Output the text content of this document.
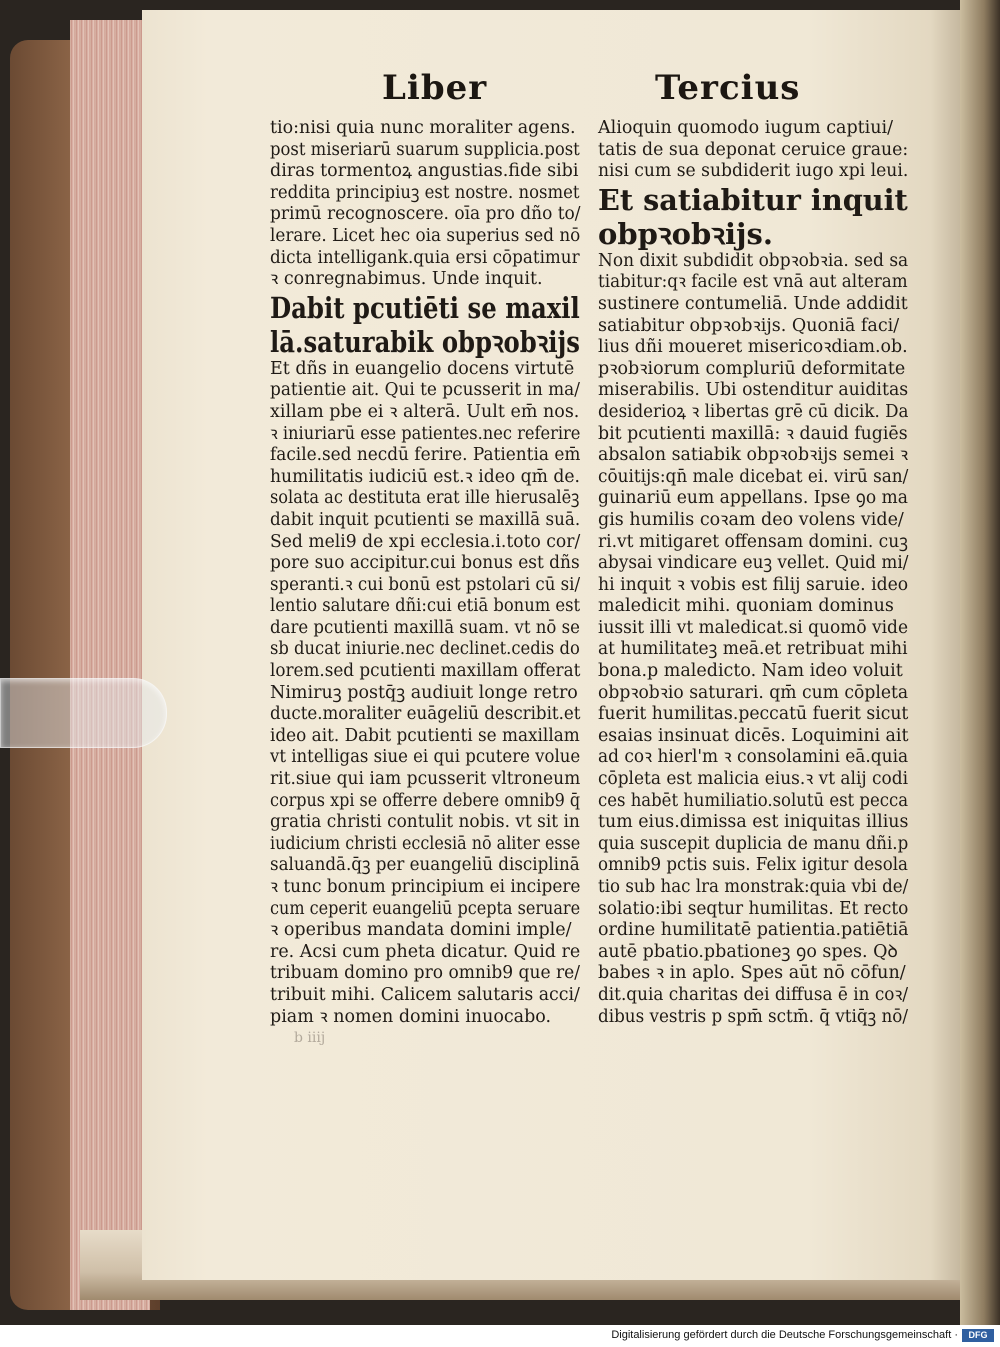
Liber	Tercius
tio:nisi quia nunc moraliter agens.
post miseriarū suarum supplicia.post
diras tormentoꝝ angustias.fide sibi
reddita principiuꝫ est nostre. nosmet
primū recognoscere. oīa pro dño to/
lerare. Licet hec oia superius sed nō
dicta intelligank.quia ersi cōpatimur
ꝛ conregnabimus. Unde inquit.
Dabit pcutiēti se maxil
lā.saturabik obpꝛobꝛijs
Et dñs in euangelio docens virtutē
patientie ait. Qui te pcusserit in ma/
xillam pbe ei ꝛ alterā. Uult em̄ nos.
ꝛ iniuriarū esse patientes.nec referire
facile.sed necdū ferire. Patientia em̄
humilitatis iudiciū est.ꝛ ideo qm̄ de.
solata ac destituta erat ille hierusalēꝫ
dabit inquit pcutienti se maxillā suā.
Sed meli9 de xpi ecclesia.i.toto cor/
pore suo accipitur.cui bonus est dñs
speranti.ꝛ cui bonū est pstolari cū si/
lentio salutare dñi:cui etiā bonum est
dare pcutienti maxillā suam. vt nō se
sb ducat iniurie.nec declinet.cedis do
lorem.sed pcutienti maxillam offerat
Nimiruꝫ postq̄ꝫ audiuit longe retro
ducte.moraliter euāgeliū describit.et
ideo ait. Dabit pcutienti se maxillam
vt intelligas siue ei qui pcutere volue
rit.siue qui iam pcusserit vltroneum
corpus xpi se offerre debere omnib9 q̄
gratia christi contulit nobis. vt sit in
iudicium christi ecclesiā nō aliter esse
saluandā.q̄ꝫ per euangeliū disciplinā
ꝛ tunc bonum principium ei incipere
cum ceperit euangeliū pcepta seruare
ꝛ operibus mandata domini imple/
re. Acsi cum pheta dicatur. Quid re
tribuam domino pro omnib9 que re/
tribuit mihi. Calicem salutaris acci/
piam ꝛ nomen domini inuocabo.
Alioquin quomodo iugum captiui/
tatis de sua deponat ceruice graue:
nisi cum se subdiderit iugo xpi leui.
Et satiabitur inquit
obpꝛobꝛijs.
Non dixit subdidit obpꝛobꝛia. sed sa
tiabitur:qꝛ facile est vnā aut alteram
sustinere contumeliā. Unde addidit
satiabitur obpꝛobꝛijs. Quoniā faci/
lius dñi moueret misericoꝛdiam.ob.
pꝛobꝛiorum compluriū deformitate
miserabilis. Ubi ostenditur auiditas
desiderioꝝ ꝛ libertas grē cū dicik. Da
bit pcutienti maxillā: ꝛ dauid fugiēs
absalon satiabik obpꝛobꝛijs semei ꝛ
cōuitijs:qn̄ male dicebat ei. virū san/
guinariū eum appellans. Ipse ꝯo ma
gis humilis coꝛam deo volens vide/
ri.vt mitigaret offensam domini. cuꝫ
abysai vindicare euꝫ vellet. Quid mi/
hi inquit ꝛ vobis est filij saruie. ideo
maledicit mihi. quoniam dominus
iussit illi vt maledicat.si quomō vide
at humilitateꝫ meā.et retribuat mihi
bona.p maledicto. Nam ideo voluit
obpꝛobꝛio saturari. qm̄ cum cōpleta
fuerit humilitas.peccatū fuerit sicut
esaias insinuat dicēs. Loquimini ait
ad coꝛ hierl'm ꝛ consolamini eā.quia
cōpleta est malicia eius.ꝛ vt alij codi
ces habēt humiliatio.solutū est pecca
tum eius.dimissa est iniquitas illius
quia suscepit duplicia de manu dñi.p
omnib9 pctis suis. Felix igitur desola
tio sub hac lra monstrak:quia vbi de/
solatio:ibi seqtur humilitas. Et recto
ordine humilitatē patientia.patiētiā
autē pbatio.pbationeꝫ ꝯo spes. Qꝺ
babes ꝛ in aplo. Spes aūt nō cōfun/
dit.quia charitas dei diffusa ē in coꝛ/
dibus vestris p spm̄ sctm̄. q̄ vtiq̄ꝫ nō/
b iiij
Digitalisierung gefördert durch die Deutsche Forschungsgemeinschaft ·	DFG
